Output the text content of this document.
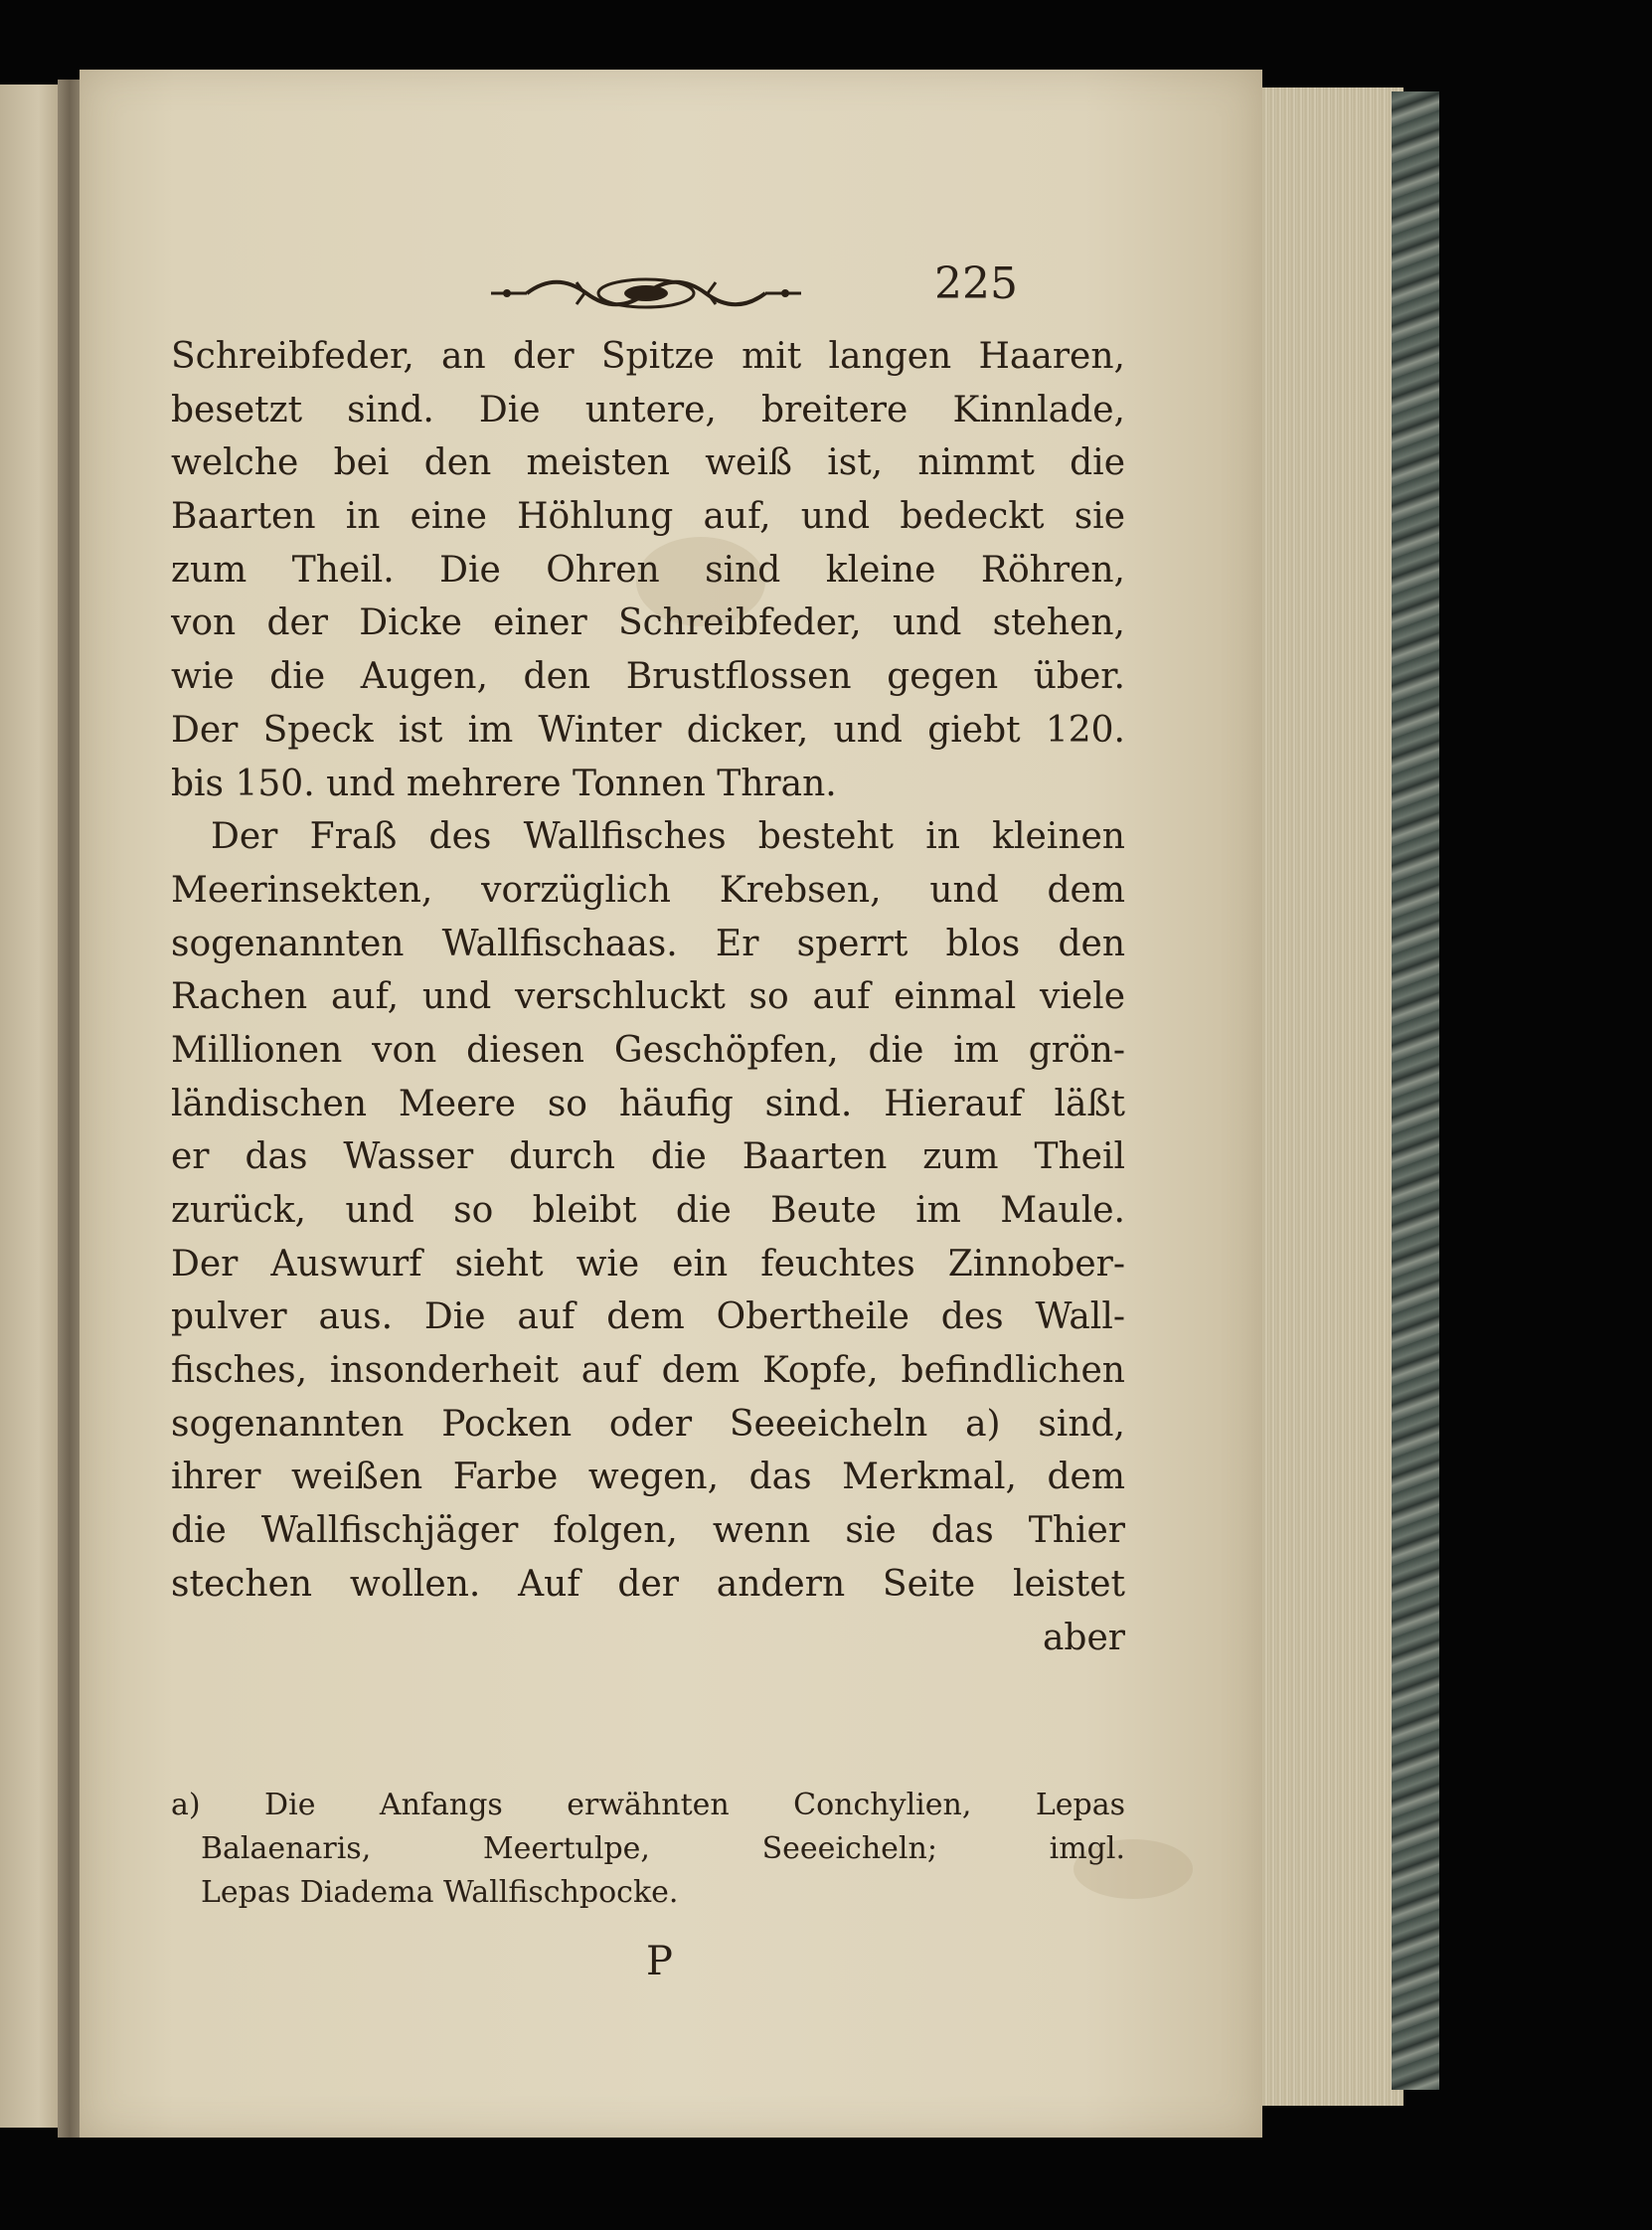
225
Schreibfeder, an der Spitze mit langen Haaren,
besetzt sind. Die untere, breitere Kinnlade,
welche bei den meisten weiß ist, nimmt die
Baarten in eine Höhlung auf, und bedeckt sie
zum Theil. Die Ohren sind kleine Röhren,
von der Dicke einer Schreibfeder, und stehen,
wie die Augen, den Brustflossen gegen über.
Der Speck ist im Winter dicker, und giebt 120.
bis 150. und mehrere Tonnen Thran.
Der Fraß des Wallfisches besteht in kleinen
Meerinsekten, vorzüglich Krebsen, und dem
sogenannten Wallfischaas. Er sperrt blos den
Rachen auf, und verschluckt so auf einmal viele
Millionen von diesen Geschöpfen, die im grön-
ländischen Meere so häufig sind. Hierauf läßt
er das Wasser durch die Baarten zum Theil
zurück, und so bleibt die Beute im Maule.
Der Auswurf sieht wie ein feuchtes Zinnober-
pulver aus. Die auf dem Obertheile des Wall-
fisches, insonderheit auf dem Kopfe, befindlichen
sogenannten Pocken oder Seeeicheln a) sind,
ihrer weißen Farbe wegen, das Merkmal, dem
die Wallfischjäger folgen, wenn sie das Thier
stechen wollen. Auf der andern Seite leistet
aber
a) Die Anfangs erwähnten Conchylien, Lepas
Balaenaris, Meertulpe, Seeeicheln; imgl.
Lepas Diadema Wallfischpocke.
P
